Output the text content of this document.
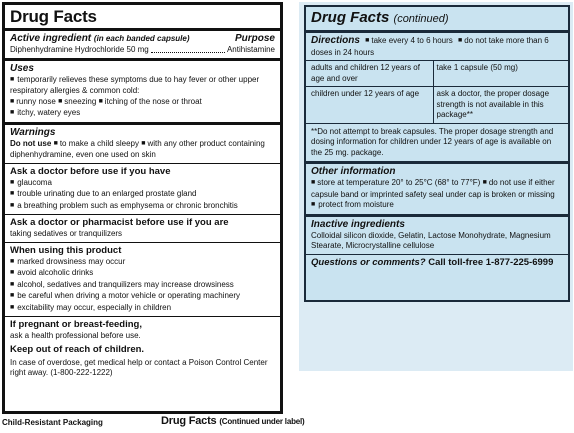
Drug Facts
Active ingredient (in each banded capsule)	Purpose
Diphenhydramine Hydrochloride 50 mg	Antihistamine
Uses
■ temporarily relieves these symptoms due to hay fever or other upper respiratory allergies & common cold:
■ runny nose ■ sneezing ■ itching of the nose or throat
■ itchy, watery eyes
Warnings
Do not use ■ to make a child sleepy ■ with any other product containing diphenhydramine, even one used on skin
Ask a doctor before use if you have
■ glaucoma
■ trouble urinating due to an enlarged prostate gland
■ a breathing problem such as emphysema or chronic bronchitis
Ask a doctor or pharmacist before use if you are
taking sedatives or tranquilizers
When using this product
■ marked drowsiness may occur
■ avoid alcoholic drinks
■ alcohol, sedatives and tranquilizers may increase drowsiness
■ be careful when driving a motor vehicle or operating machinery
■ excitability may occur, especially in children
If pregnant or breast-feeding,
ask a health professional before use.
Keep out of reach of children.
In case of overdose, get medical help or contact a Poison Control Center right away. (1-800-222-1222)
Child-Resistant Packaging	Drug Facts (Continued under label)
Drug Facts (continued)
Directions ■ take every 4 to 6 hours ■ do not take more than 6 doses in 24 hours
adults and children 12 years of age and over	take 1 capsule (50 mg)
children under 12 years of age	ask a doctor, the proper dosage strength is not available in this package**
**Do not attempt to break capsules. The proper dosage strength and dosing information for children under 12 years of age is available on the 25 mg. package.
Other information
■ store at temperature 20° to 25°C (68° to 77°F) ■ do not use if either capsule band or imprinted safety seal under cap is broken or missing
■ protect from moisture
Inactive ingredients
Colloidal silicon dioxide, Gelatin, Lactose Monohydrate, Magnesium Stearate, Microcrystalline cellulose
Questions or comments? Call toll-free 1-877-225-6999
